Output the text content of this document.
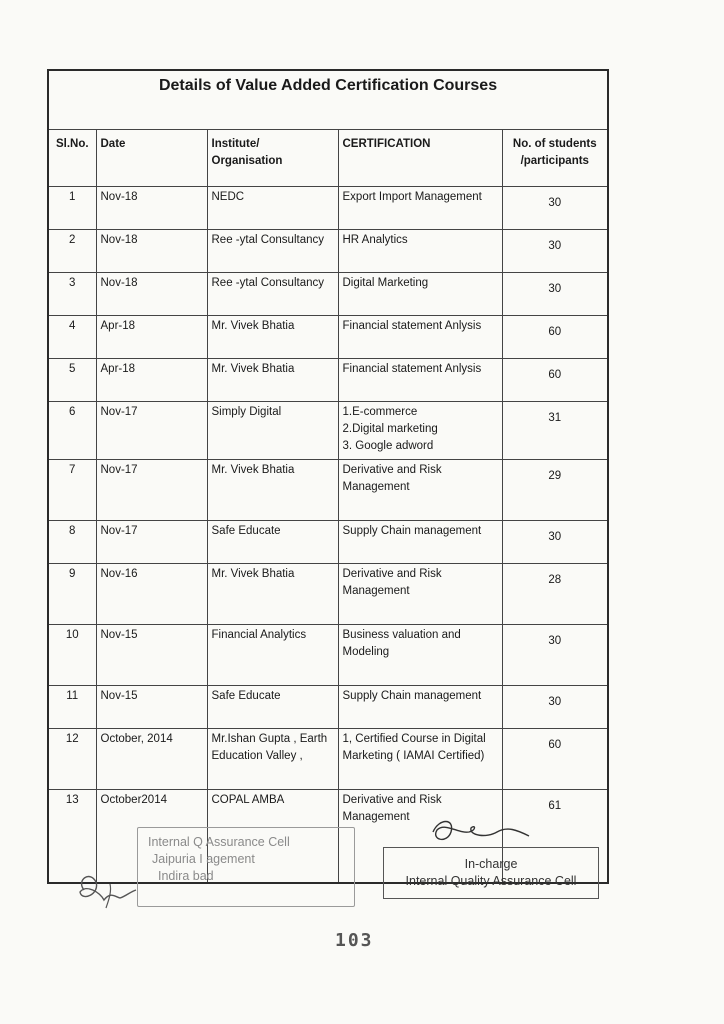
Details of Value Added Certification Courses				
Sl.No.	Date	Institute/
Organisation	CERTIFICATION	No. of students
/participants

1	Nov-18	NEDC	Export Import Management	30
2	Nov-18	Ree -ytal Consultancy	HR Analytics	30
3	Nov-18	Ree -ytal Consultancy	Digital Marketing	30
4	Apr-18	Mr. Vivek Bhatia	Financial statement Anlysis	60
5	Apr-18	Mr. Vivek Bhatia	Financial statement Anlysis	60
6	Nov-17	Simply Digital	1.E-commerce
2.Digital marketing
3. Google adword	31
7	Nov-17	Mr. Vivek Bhatia	Derivative and Risk
Management	29
8	Nov-17	Safe Educate	Supply Chain management	30
9	Nov-16	Mr. Vivek Bhatia	Derivative and Risk
Management	28
10	Nov-15	Financial Analytics	Business valuation and
Modeling	30
11	Nov-15	Safe Educate	Supply Chain management	30
12	October, 2014	Mr.Ishan Gupta , Earth
Education Valley ,	1, Certified Course in Digital
Marketing ( IAMAI Certified)	60
13	October2014	COPAL AMBA	Derivative and Risk
Management	61
Internal Q Assurance Cell
Jaipuria I agement
Indira bad
In-charge
Internal Quality Assurance Cell
103
